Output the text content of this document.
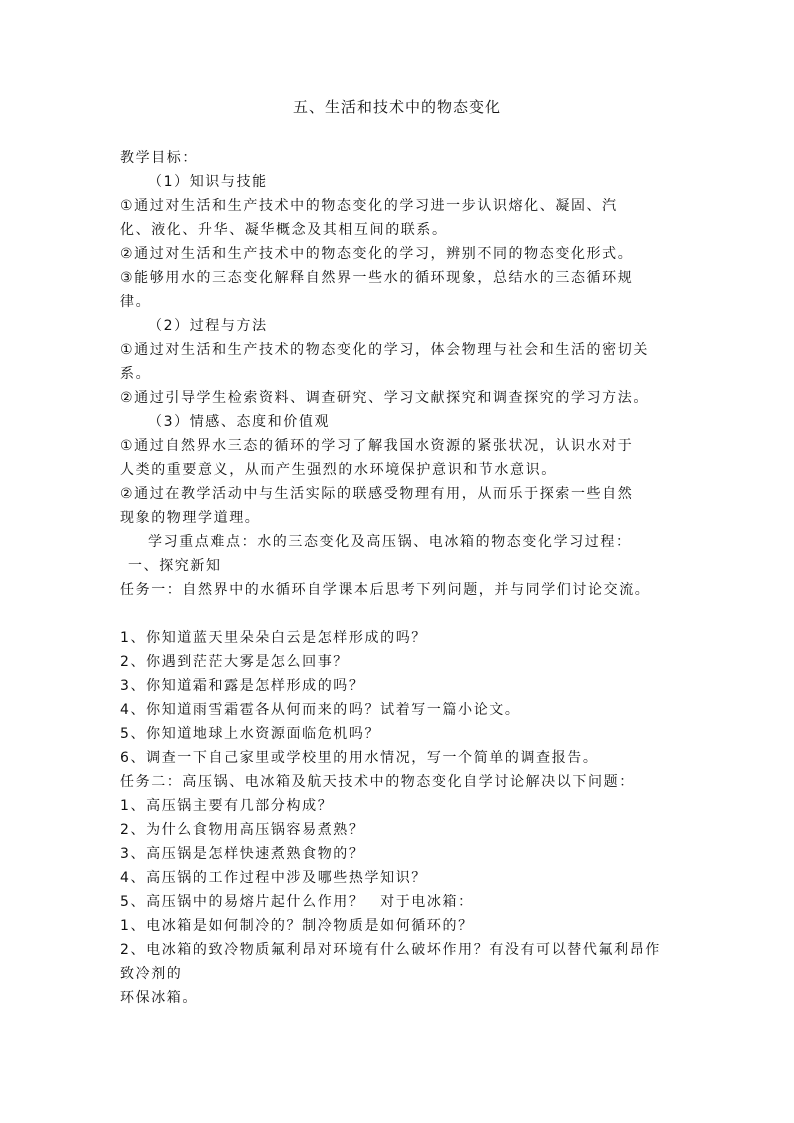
五、生活和技术中的物态变化
教学目标：
（1）知识与技能
①通过对生活和生产技术中的物态变化的学习进一步认识熔化、凝固、汽
化、液化、升华、凝华概念及其相互间的联系。
②通过对生活和生产技术中的物态变化的学习，辨别不同的物态变化形式。
③能够用水的三态变化解释自然界一些水的循环现象，总结水的三态循环规
律。
（2）过程与方法
①通过对生活和生产技术的物态变化的学习，体会物理与社会和生活的密切关
系。
②通过引导学生检索资料、调查研究、学习文献探究和调查探究的学习方法。
（3）情感、态度和价值观
①通过自然界水三态的循环的学习了解我国水资源的紧张状况，认识水对于
人类的重要意义，从而产生强烈的水环境保护意识和节水意识。
②通过在教学活动中与生活实际的联感受物理有用，从而乐于探索一些自然
现象的物理学道理。
学习重点难点：水的三态变化及高压锅、电冰箱的物态变化学习过程：
一、探究新知
任务一：自然界中的水循环自学课本后思考下列问题，并与同学们讨论交流。
1、你知道蓝天里朵朵白云是怎样形成的吗？
2、你遇到茫茫大雾是怎么回事？
3、你知道霜和露是怎样形成的吗？
4、你知道雨雪霜雹各从何而来的吗？试着写一篇小论文。
5、你知道地球上水资源面临危机吗？
6、调查一下自己家里或学校里的用水情况，写一个简单的调查报告。
任务二：高压锅、电冰箱及航天技术中的物态变化自学讨论解决以下问题：
1、高压锅主要有几部分构成？
2、为什么食物用高压锅容易煮熟？
3、高压锅是怎样快速煮熟食物的？
4、高压锅的工作过程中涉及哪些热学知识？
5、高压锅中的易熔片起什么作用？　对于电冰箱：
1、电冰箱是如何制冷的？制冷物质是如何循环的？
2、电冰箱的致冷物质氟利昂对环境有什么破坏作用？有没有可以替代氟利昂作
致冷剂的
环保冰箱。
